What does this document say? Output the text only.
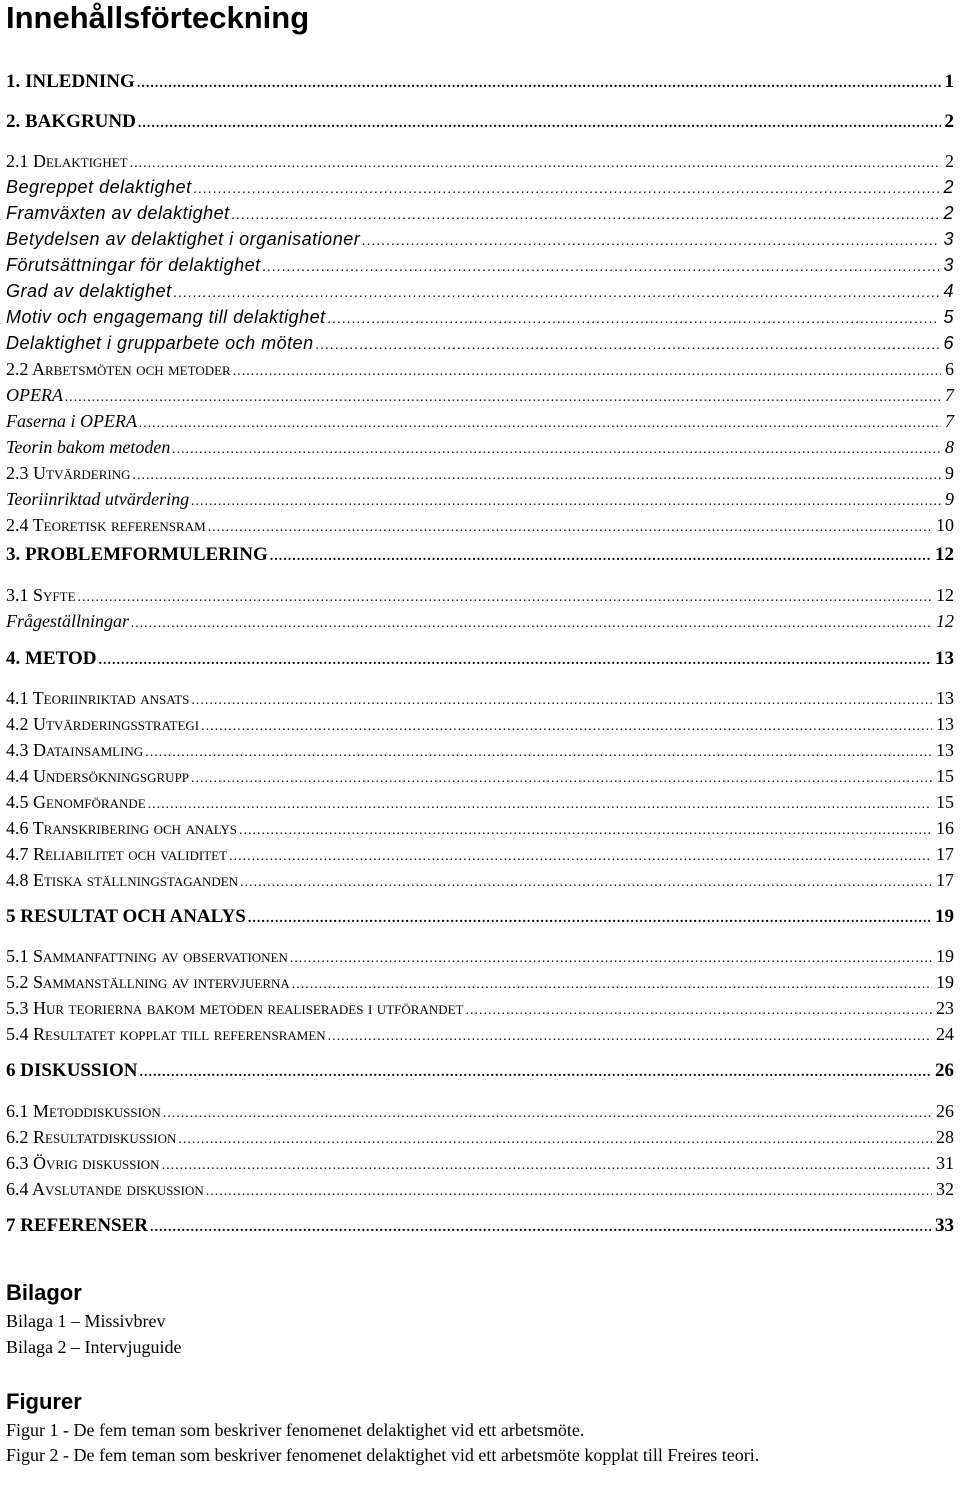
Innehållsförteckning
1. INLEDNING .....	1
2. BAKGRUND .....	2
2.1 Delaktighet .....	2
Begreppet delaktighet .....	2
Framväxten av delaktighet .....	2
Betydelsen av delaktighet i organisationer .....	3
Förutsättningar för delaktighet .....	3
Grad av delaktighet .....	4
Motiv och engagemang till delaktighet .....	5
Delaktighet i grupparbete och möten .....	6
2.2 Arbetsmöten och metoder .....	6
OPERA .....	7
Faserna i OPERA .....	7
Teorin bakom metoden .....	8
2.3 Utvärdering .....	9
Teoriinriktad utvärdering .....	9
2.4 Teoretisk referensram .....	10
3. PROBLEMFORMULERING .....	12
3.1 Syfte .....	12
Frågeställningar .....	12
4. METOD .....	13
4.1 Teoriinriktad ansats .....	13
4.2 Utvärderingsstrategi .....	13
4.3 Datainsamling .....	13
4.4 Undersökningsgrupp .....	15
4.5 Genomförande .....	15
4.6 Transkribering och analys .....	16
4.7 Reliabilitet och validitet .....	17
4.8 Etiska ställningstaganden .....	17
5 RESULTAT OCH ANALYS .....	19
5.1 Sammanfattning av observationen .....	19
5.2 Sammanställning av intervjuerna .....	19
5.3 Hur teorierna bakom metoden realiserades i utförandet .....	23
5.4 Resultatet kopplat till referensramen .....	24
6 DISKUSSION .....	26
6.1 Metoddiskussion .....	26
6.2 Resultatdiskussion .....	28
6.3 Övrig diskussion .....	31
6.4 Avslutande diskussion .....	32
7 REFERENSER .....	33
Bilagor
Bilaga 1 – Missivbrev
Bilaga 2 – Intervjuguide
Figurer
Figur 1 - De fem teman som beskriver fenomenet delaktighet vid ett arbetsmöte.
Figur 2 - De fem teman som beskriver fenomenet delaktighet vid ett arbetsmöte kopplat till Freires teori.
